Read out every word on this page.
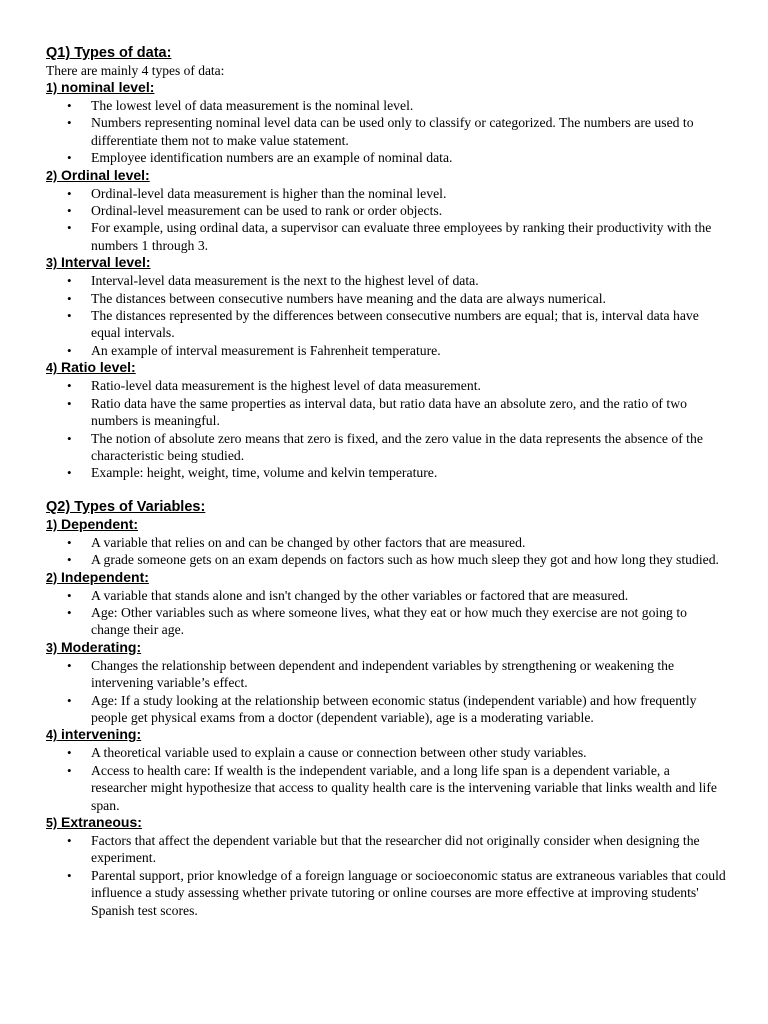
Q1) Types of data:

There are mainly 4 types of data:

1) nominal level:

• The lowest level of data measurement is the nominal level.
• Numbers representing nominal level data can be used only to classify or categorized. The numbers are used to differentiate them not to make value statement.
• Employee identification numbers are an example of nominal data.

2) Ordinal level:

• Ordinal-level data measurement is higher than the nominal level.
• Ordinal-level measurement can be used to rank or order objects.
• For example, using ordinal data, a supervisor can evaluate three employees by ranking their productivity with the numbers 1 through 3.

3) Interval level:

• Interval-level data measurement is the next to the highest level of data.
• The distances between consecutive numbers have meaning and the data are always numerical.
• The distances represented by the differences between consecutive numbers are equal; that is, interval data have equal intervals.
• An example of interval measurement is Fahrenheit temperature.

4) Ratio level:

• Ratio-level data measurement is the highest level of data measurement.
• Ratio data have the same properties as interval data, but ratio data have an absolute zero, and the ratio of two numbers is meaningful.
• The notion of absolute zero means that zero is fixed, and the zero value in the data represents the absence of the characteristic being studied.
• Example: height, weight, time, volume and kelvin temperature.

Q2) Types of Variables:

1) Dependent:

• A variable that relies on and can be changed by other factors that are measured.
• A grade someone gets on an exam depends on factors such as how much sleep they got and how long they studied.

2) Independent:

• A variable that stands alone and isn't changed by the other variables or factored that are measured.
• Age: Other variables such as where someone lives, what they eat or how much they exercise are not going to change their age.

3) Moderating:

• Changes the relationship between dependent and independent variables by strengthening or weakening the intervening variable’s effect.
• Age: If a study looking at the relationship between economic status (independent variable) and how frequently people get physical exams from a doctor (dependent variable), age is a moderating variable.

4) intervening:

• A theoretical variable used to explain a cause or connection between other study variables.
• Access to health care: If wealth is the independent variable, and a long life span is a dependent variable, a researcher might hypothesize that access to quality health care is the intervening variable that links wealth and life span.

5) Extraneous:

• Factors that affect the dependent variable but that the researcher did not originally consider when designing the experiment.
• Parental support, prior knowledge of a foreign language or socioeconomic status are extraneous variables that could influence a study assessing whether private tutoring or online courses are more effective at improving students' Spanish test scores.
